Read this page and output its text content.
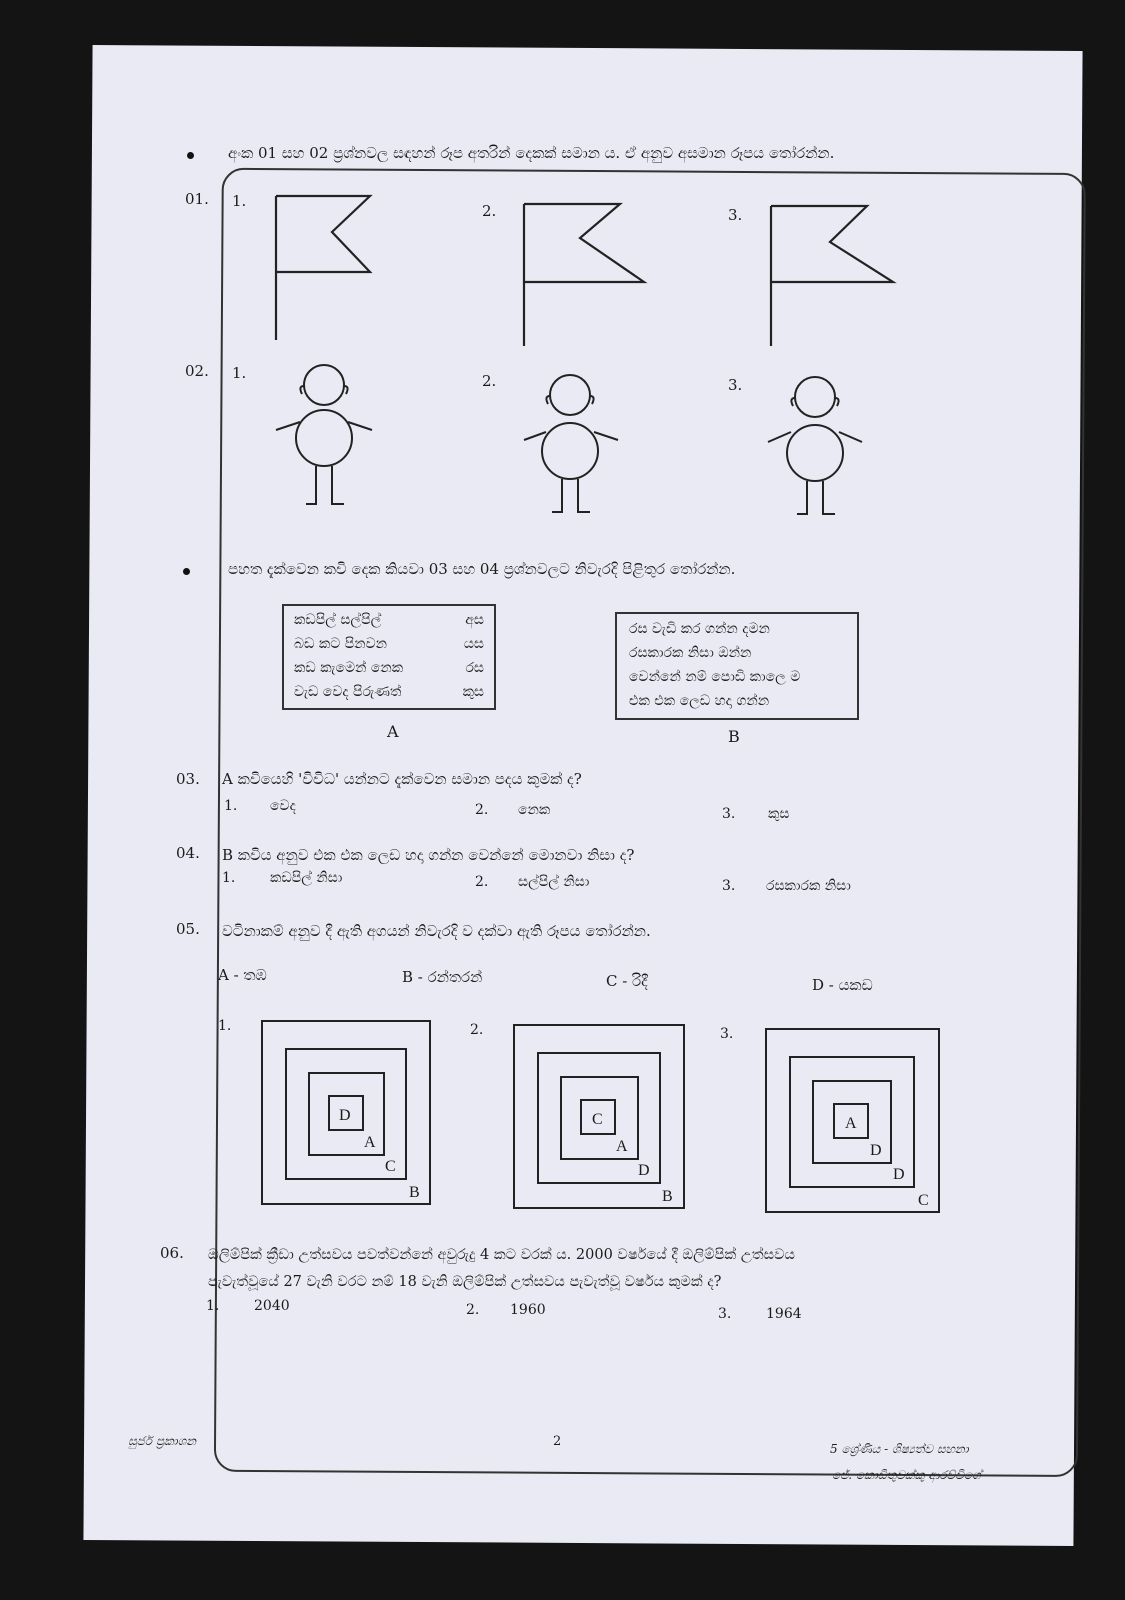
අංක 01 සහ 02 ප්‍රශ්නවල සඳහන් රූප අතරින් දෙකක් සමාන ය. ඒ අනුව අසමාන රූපය තෝරන්න.
01. 1.
2.	3.
02. 1.	2.	3.
පහත දැක්වෙන කවි දෙක කියවා 03 සහ 04 ප්‍රශ්නවලට නිවැරදි පිළිතුර තෝරන්න.
කඩපිල් සල්පිල්	අස
බඩ කට පිනවන	යස
කඩ කැමෙන් නෙක	රස
වැඩ වෙද පිරුණත්	කුස
A
රස වැඩි කර ගන්න දමන
රසකාරක නිසා ඔන්න
වෙන්නේ නම් පොඩි කාලෙ ම
එක එක ලෙඩ හදා ගන්න
B
03. A කවියෙහි 'විවිධ' යන්නට දැක්වෙන සමාන පදය කුමක් ද?
1. වෙද	2. නෙක	3. කුස
04. B කවිය අනුව එක එක ලෙඩ හදා ගන්න වෙන්නේ මොනවා නිසා ද?
1. කඩපිල් නිසා	2. සල්පිල් නිසා	3. රසකාරක නිසා
05. වටිනාකම් අනුව දී ඇති අගයන් නිවැරදි ව දක්වා ඇති රූපය තෝරන්න.
A - තඹ	B - රන්තරන්	C - රිදී	D - යකඩ
1.	2.	3.
D
A
C
B
C
A
D
B
A
D
D
C
06. ඔලිම්පික් ක්‍රීඩා උත්සවය පවත්වන්නේ අවුරුදු 4 කට වරක් ය. 2000 වර්ෂයේ දී ඔලිම්පික් උත්සවය
පැවැත්වූයේ 27 වැනි වරට නම් 18 වැනි ඔලිම්පික් උත්සවය පැවැත්වූ වර්ෂය කුමක් ද?
1. 2040	2. 1960	3. 1964
සුජර් ප්‍රකාශන	2	5 ශ්‍රේණිය - ශිෂ්‍යත්ව සහනා
ජේ. කොඩිතුවක්කු ආරච්චිගේ
